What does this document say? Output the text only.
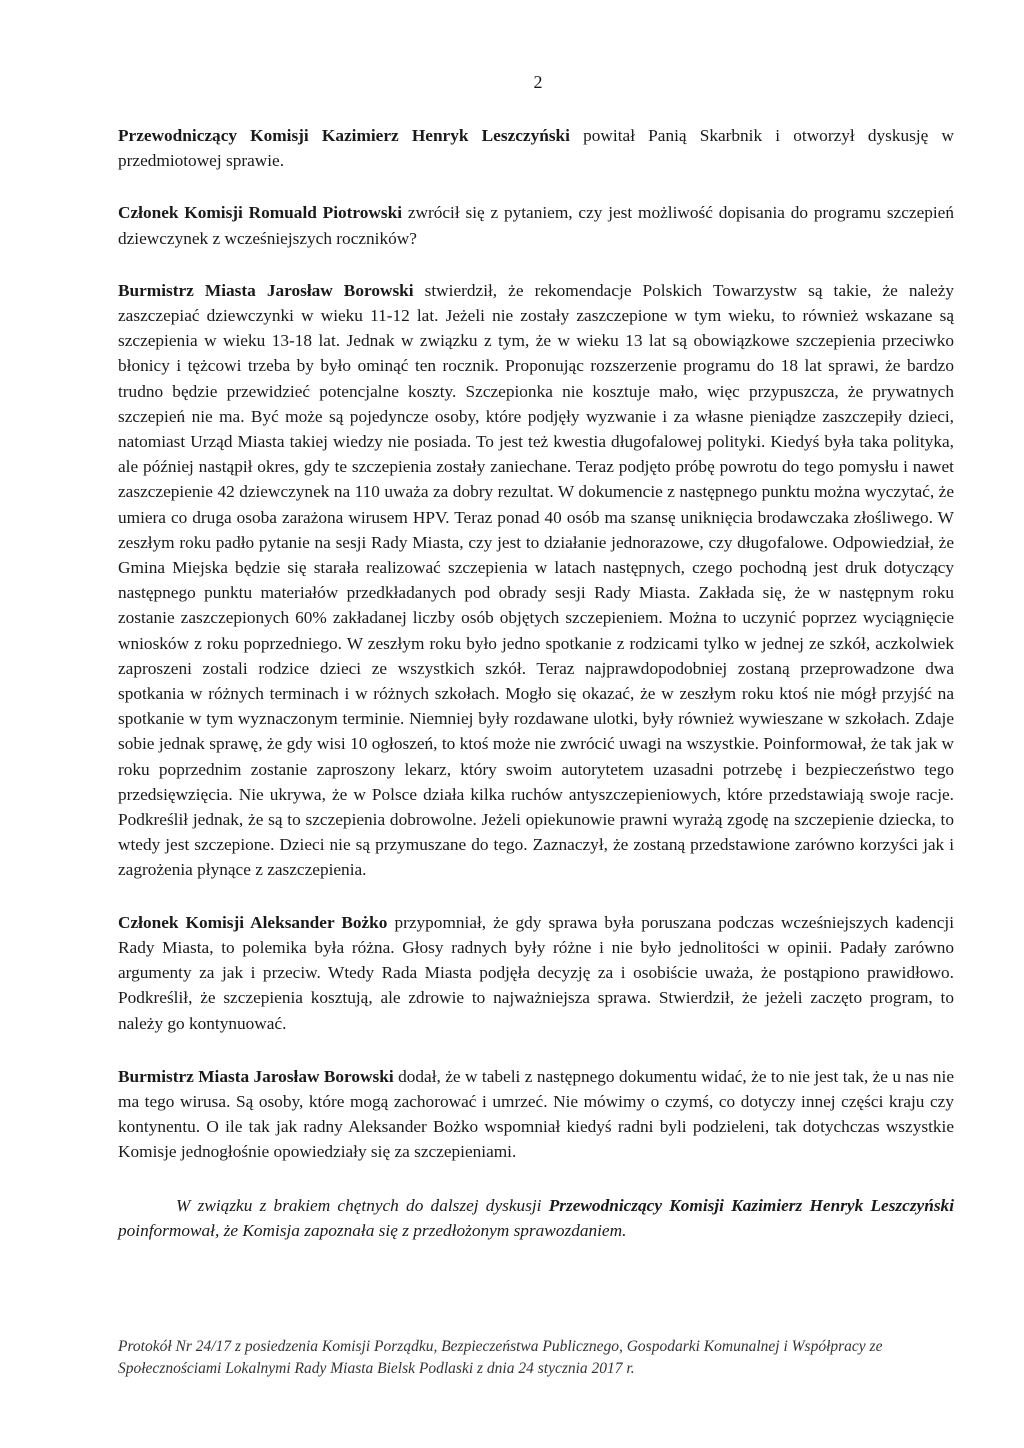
2

Przewodniczący Komisji Kazimierz Henryk Leszczyński powitał Panią Skarbnik i otworzył dyskusję w przedmiotowej sprawie.

Członek Komisji Romuald Piotrowski zwrócił się z pytaniem, czy jest możliwość dopisania do programu szczepień dziewczynek z wcześniejszych roczników?

Burmistrz Miasta Jarosław Borowski stwierdził, że rekomendacje Polskich Towarzystw są takie, że należy zaszczepiać dziewczynki w wieku 11-12 lat. Jeżeli nie zostały zaszczepione w tym wieku, to również wskazane są szczepienia w wieku 13-18 lat. Jednak w związku z tym, że w wieku 13 lat są obowiązkowe szczepienia przeciwko błonicy i tężcowi trzeba by było ominąć ten rocznik. Proponując rozszerzenie programu do 18 lat sprawi, że bardzo trudno będzie przewidzieć potencjalne koszty. Szczepionka nie kosztuje mało, więc przypuszcza, że prywatnych szczepień nie ma. Być może są pojedyncze osoby, które podjęły wyzwanie i za własne pieniądze zaszczepiły dzieci, natomiast Urząd Miasta takiej wiedzy nie posiada. To jest też kwestia długofalowej polityki. Kiedyś była taka polityka, ale później nastąpił okres, gdy te szczepienia zostały zaniechane. Teraz podjęto próbę powrotu do tego pomysłu i nawet zaszczepienie 42 dziewczynek na 110 uważa za dobry rezultat. W dokumencie z następnego punktu można wyczytać, że umiera co druga osoba zarażona wirusem HPV. Teraz ponad 40 osób ma szansę uniknięcia brodawczaka złośliwego. W zeszłym roku padło pytanie na sesji Rady Miasta, czy jest to działanie jednorazowe, czy długofalowe. Odpowiedział, że Gmina Miejska będzie się starała realizować szczepienia w latach następnych, czego pochodną jest druk dotyczący następnego punktu materiałów przedkładanych pod obrady sesji Rady Miasta. Zakłada się, że w następnym roku zostanie zaszczepionych 60% zakładanej liczby osób objętych szczepieniem. Można to uczynić poprzez wyciągnięcie wniosków z roku poprzedniego. W zeszłym roku było jedno spotkanie z rodzicami tylko w jednej ze szkół, aczkolwiek zaproszeni zostali rodzice dzieci ze wszystkich szkół. Teraz najprawdopodobniej zostaną przeprowadzone dwa spotkania w różnych terminach i w różnych szkołach. Mogło się okazać, że w zeszłym roku ktoś nie mógł przyjść na spotkanie w tym wyznaczonym terminie. Niemniej były rozdawane ulotki, były również wywieszane w szkołach. Zdaje sobie jednak sprawę, że gdy wisi 10 ogłoszeń, to ktoś może nie zwrócić uwagi na wszystkie. Poinformował, że tak jak w roku poprzednim zostanie zaproszony lekarz, który swoim autorytetem uzasadni potrzebę i bezpieczeństwo tego przedsięwzięcia. Nie ukrywa, że w Polsce działa kilka ruchów antyszczepieniowych, które przedstawiają swoje racje. Podkreślił jednak, że są to szczepienia dobrowolne. Jeżeli opiekunowie prawni wyrażą zgodę na szczepienie dziecka, to wtedy jest szczepione. Dzieci nie są przymuszane do tego. Zaznaczył, że zostaną przedstawione zarówno korzyści jak i zagrożenia płynące z zaszczepienia.

Członek Komisji Aleksander Bożko przypomniał, że gdy sprawa była poruszana podczas wcześniejszych kadencji Rady Miasta, to polemika była różna. Głosy radnych były różne i nie było jednolitości w opinii. Padały zarówno argumenty za jak i przeciw. Wtedy Rada Miasta podjęła decyzję za i osobiście uważa, że postąpiono prawidłowo. Podkreślił, że szczepienia kosztują, ale zdrowie to najważniejsza sprawa. Stwierdził, że jeżeli zaczęto program, to należy go kontynuować.

Burmistrz Miasta Jarosław Borowski dodał, że w tabeli z następnego dokumentu widać, że to nie jest tak, że u nas nie ma tego wirusa. Są osoby, które mogą zachorować i umrzeć. Nie mówimy o czymś, co dotyczy innej części kraju czy kontynentu. O ile tak jak radny Aleksander Bożko wspomniał kiedyś radni byli podzieleni, tak dotychczas wszystkie Komisje jednogłośnie opowiedziały się za szczepieniami.

W związku z brakiem chętnych do dalszej dyskusji Przewodniczący Komisji Kazimierz Henryk Leszczyński poinformował, że Komisja zapoznała się z przedłożonym sprawozdaniem.

Protokół Nr 24/17 z posiedzenia Komisji Porządku, Bezpieczeństwa Publicznego, Gospodarki Komunalnej i Współpracy ze Społecznościami Lokalnymi Rady Miasta Bielsk Podlaski z dnia 24 stycznia 2017 r.
